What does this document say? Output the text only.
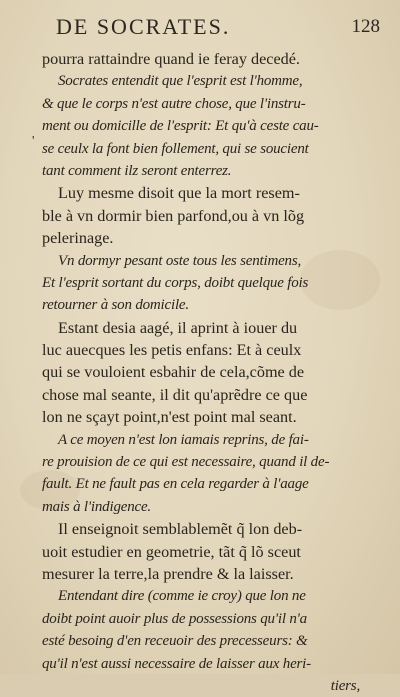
DE SOCRATES.	128
'
pourra rattaindre quand ie feray decedé.
Socrates entendit que l'esprit est l'homme,
& que le corps n'est autre chose, que l'instru-
ment ou domicille de l'esprit: Et qu'à ceste cau-
se ceulx la font bien follement, qui se soucient
tant comment ilz seront enterrez.
Luy mesme disoit que la mort resem-
ble à vn dormir bien parfond,ou à vn lõg
pelerinage.
Vn dormyr pesant oste tous les sentimens,
Et l'esprit sortant du corps, doibt quelque fois
retourner à son domicile.
Estant desia aagé, il aprint à iouer du
luc auecques les petis enfans: Et à ceulx
qui se vouloient esbahir de cela,cõme de
chose mal seante, il dit qu'aprẽdre ce que
lon ne sçayt point,n'est point mal seant.
A ce moyen n'est lon iamais reprins, de fai-
re prouision de ce qui est necessaire, quand il de-
fault. Et ne fault pas en cela regarder à l'aage
mais à l'indigence.
Il enseignoit semblablemẽt q̃ lon deb-
uoit estudier en geometrie, tãt q̃ lõ sceut
mesurer la terre,la prendre & la laisser.
Entendant dire (comme ie croy) que lon ne
doibt point auoir plus de possessions qu'il n'a
esté besoing d'en receuoir des precesseurs: &
qu'il n'est aussi necessaire de laisser aux heri-
tiers,
